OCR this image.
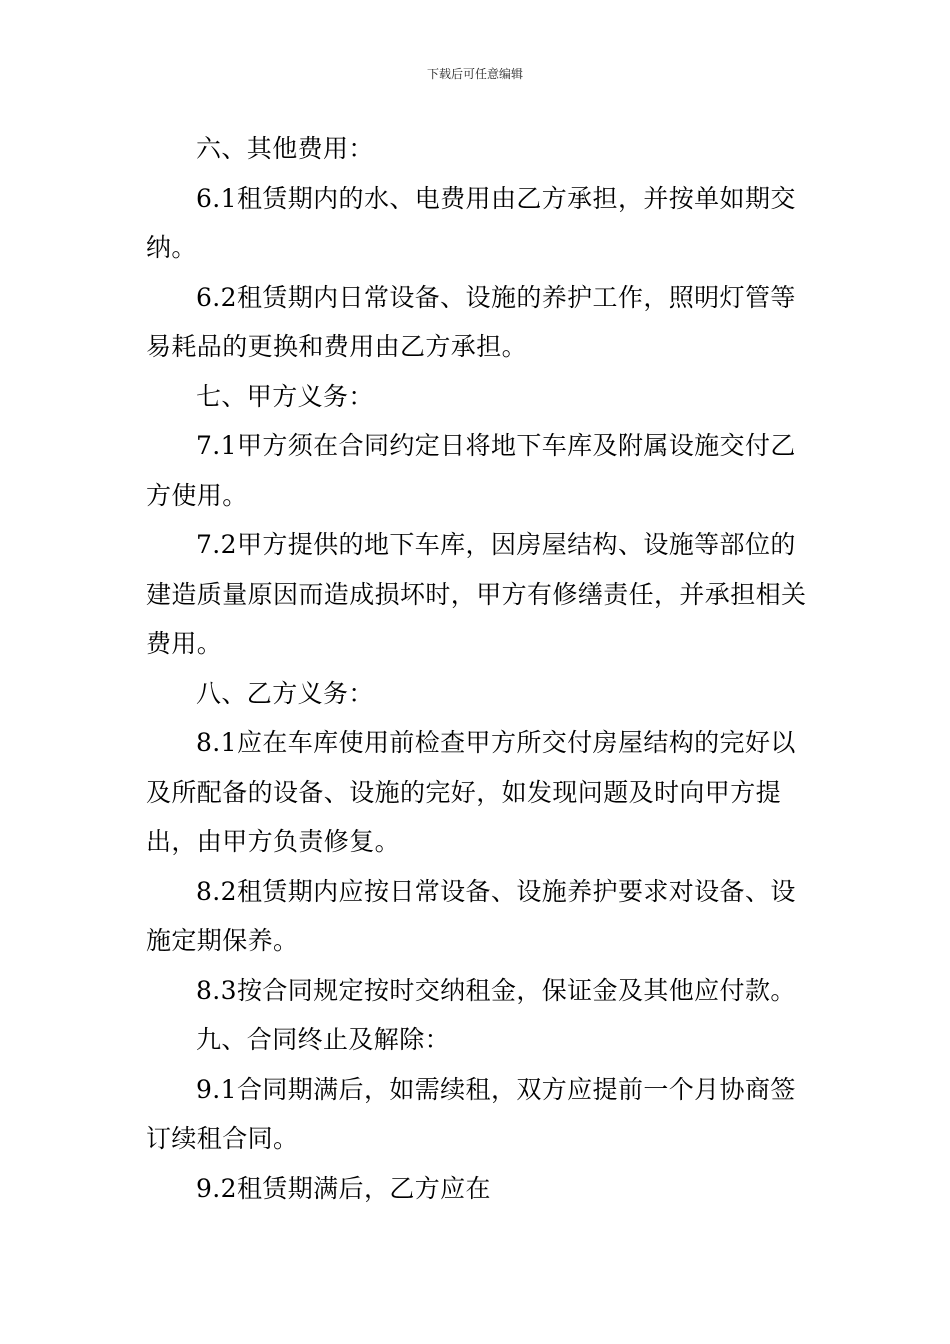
下载后可任意编辑

六、其他费用：

6.1租赁期内的水、电费用由乙方承担，并按单如期交纳。

6.2租赁期内日常设备、设施的养护工作，照明灯管等易耗品的更换和费用由乙方承担。

七、甲方义务：

7.1甲方须在合同约定日将地下车库及附属设施交付乙方使用。

7.2甲方提供的地下车库，因房屋结构、设施等部位的建造质量原因而造成损坏时，甲方有修缮责任，并承担相关费用。

八、乙方义务：

8.1应在车库使用前检查甲方所交付房屋结构的完好以及所配备的设备、设施的完好，如发现问题及时向甲方提出，由甲方负责修复。

8.2租赁期内应按日常设备、设施养护要求对设备、设施定期保养。

8.3按合同规定按时交纳租金，保证金及其他应付款。

九、合同终止及解除：

9.1合同期满后，如需续租，双方应提前一个月协商签订续租合同。

9.2租赁期满后，乙方应在
